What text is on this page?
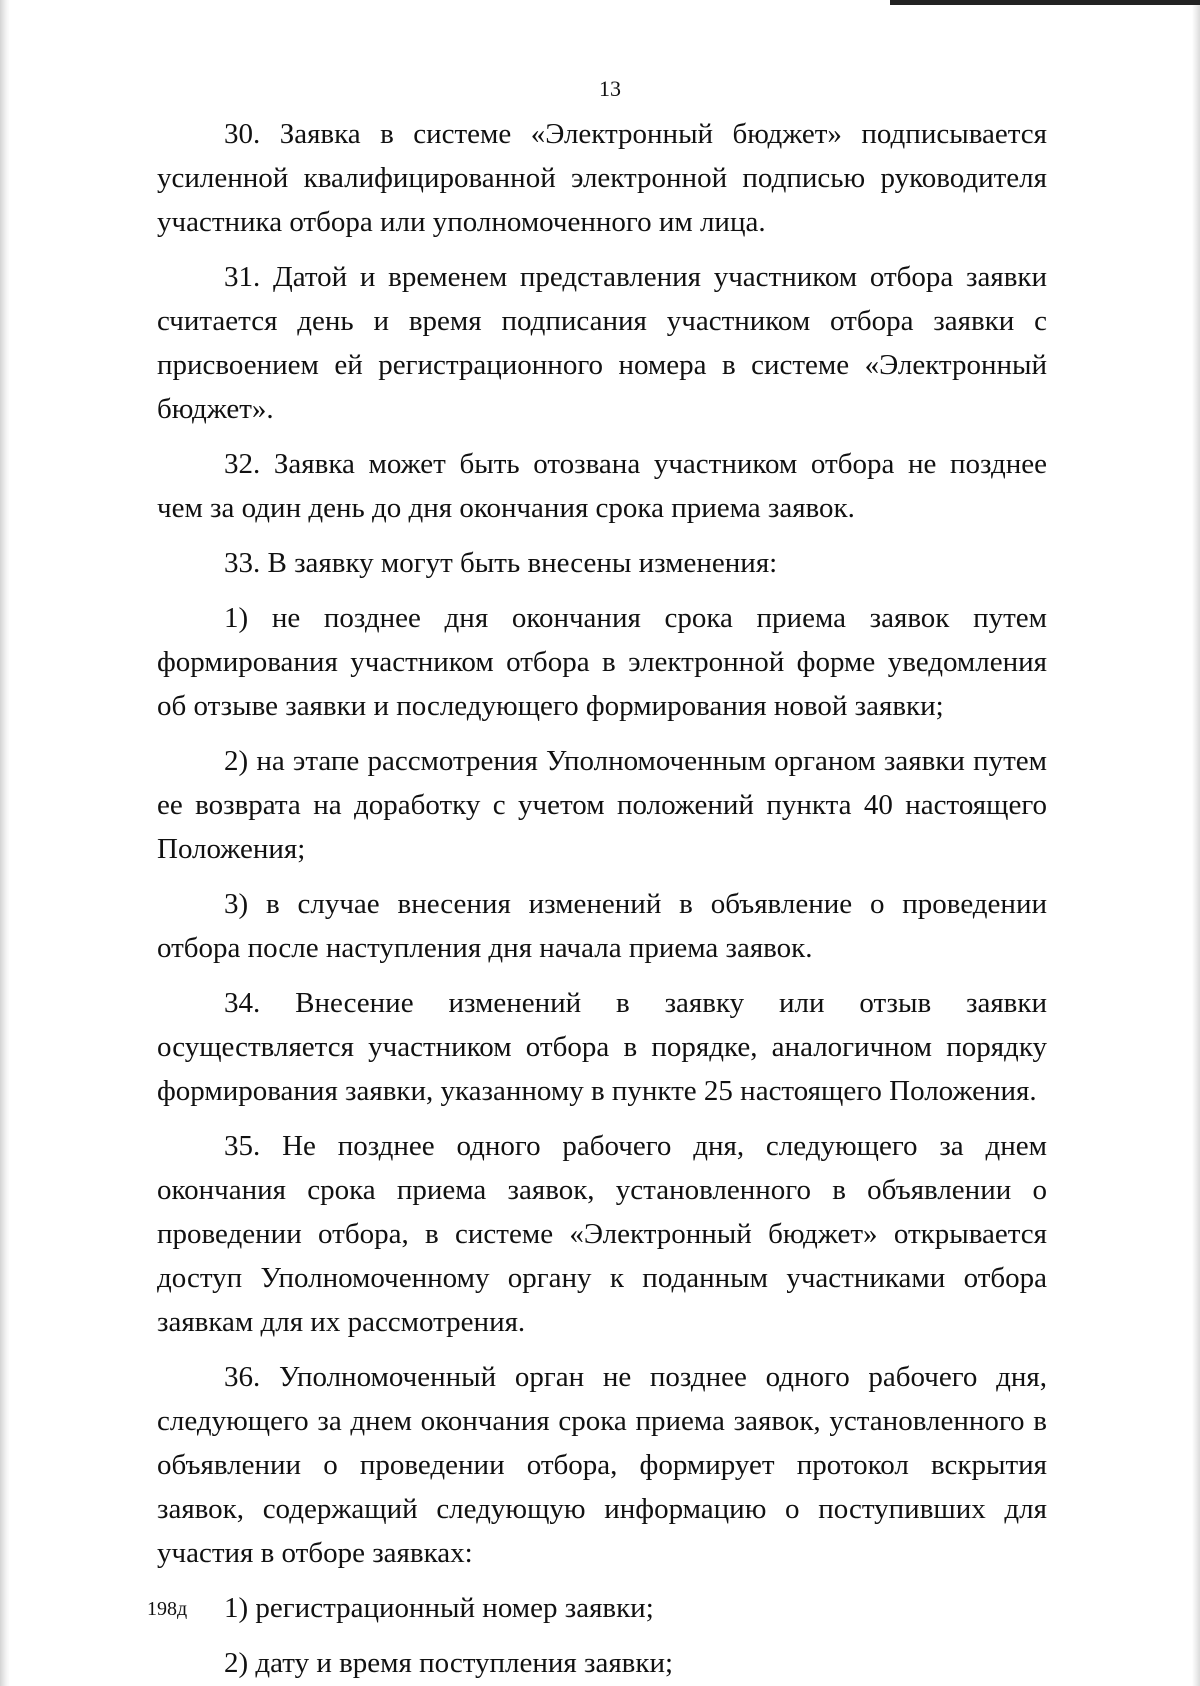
13

30. Заявка в системе «Электронный бюджет» подписывается усиленной квалифицированной электронной подписью руководителя участника отбора или уполномоченного им лица.

31. Датой и временем представления участником отбора заявки считается день и время подписания участником отбора заявки с присвоением ей регистрационного номера в системе «Электронный бюджет».

32. Заявка может быть отозвана участником отбора не позднее чем за один день до дня окончания срока приема заявок.

33. В заявку могут быть внесены изменения:

1) не позднее дня окончания срока приема заявок путем формирования участником отбора в электронной форме уведомления об отзыве заявки и последующего формирования новой заявки;

2) на этапе рассмотрения Уполномоченным органом заявки путем ее возврата на доработку с учетом положений пункта 40 настоящего Положения;

3) в случае внесения изменений в объявление о проведении отбора после наступления дня начала приема заявок.

34. Внесение изменений в заявку или отзыв заявки осуществляется участником отбора в порядке, аналогичном порядку формирования заявки, указанному в пункте 25 настоящего Положения.

35. Не позднее одного рабочего дня, следующего за днем окончания срока приема заявок, установленного в объявлении о проведении отбора, в системе «Электронный бюджет» открывается доступ Уполномоченному органу к поданным участниками отбора заявкам для их рассмотрения.

36. Уполномоченный орган не позднее одного рабочего дня, следующего за днем окончания срока приема заявок, установленного в объявлении о проведении отбора, формирует протокол вскрытия заявок, содержащий следующую информацию о поступивших для участия в отборе заявках:

1) регистрационный номер заявки;

2) дату и время поступления заявки;

198д
